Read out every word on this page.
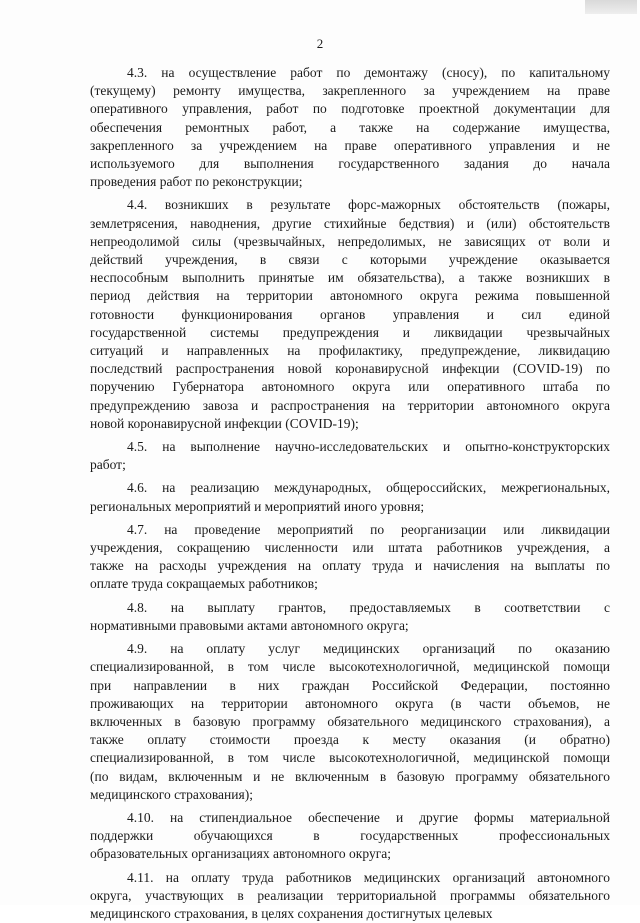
2

4.3. на осуществление работ по демонтажу (сносу), по капитальному
(текущему) ремонту имущества, закрепленного за учреждением на праве
оперативного управления, работ по подготовке проектной документации для
обеспечения ремонтных работ, а также на содержание имущества,
закрепленного за учреждением на праве оперативного управления и не
используемого для выполнения государственного задания до начала
проведения работ по реконструкции;

4.4. возникших в результате форс-мажорных обстоятельств (пожары,
землетрясения, наводнения, другие стихийные бедствия) и (или) обстоятельств
непреодолимой силы (чрезвычайных, непредолимых, не зависящих от воли и
действий учреждения, в связи с которыми учреждение оказывается
неспособным выполнить принятые им обязательства), а также возникших в
период действия на территории автономного округа режима повышенной
готовности функционирования органов управления и сил единой
государственной системы предупреждения и ликвидации чрезвычайных
ситуаций и направленных на профилактику, предупреждение, ликвидацию
последствий распространения новой коронавирусной инфекции (COVID-19) по
поручению Губернатора автономного округа или оперативного штаба по
предупреждению завоза и распространения на территории автономного округа
новой коронавирусной инфекции (COVID-19);

4.5. на выполнение научно-исследовательских и опытно-конструкторских
работ;

4.6. на реализацию международных, общероссийских, межрегиональных,
региональных мероприятий и мероприятий иного уровня;

4.7. на проведение мероприятий по реорганизации или ликвидации
учреждения, сокращению численности или штата работников учреждения, а
также на расходы учреждения на оплату труда и начисления на выплаты по
оплате труда сокращаемых работников;

4.8. на выплату грантов, предоставляемых в соответствии с
нормативными правовыми актами автономного округа;

4.9. на оплату услуг медицинских организаций по оказанию
специализированной, в том числе высокотехнологичной, медицинской помощи
при направлении в них граждан Российской Федерации, постоянно
проживающих на территории автономного округа (в части объемов, не
включенных в базовую программу обязательного медицинского страхования), а
также оплату стоимости проезда к месту оказания (и обратно)
специализированной, в том числе высокотехнологичной, медицинской помощи
(по видам, включенным и не включенным в базовую программу обязательного
медицинского страхования);

4.10. на стипендиальное обеспечение и другие формы материальной
поддержки обучающихся в государственных профессиональных
образовательных организациях автономного округа;

4.11. на оплату труда работников медицинских организаций автономного
округа, участвующих в реализации территориальной программы обязательного
медицинского страхования, в целях сохранения достигнутых целевых
